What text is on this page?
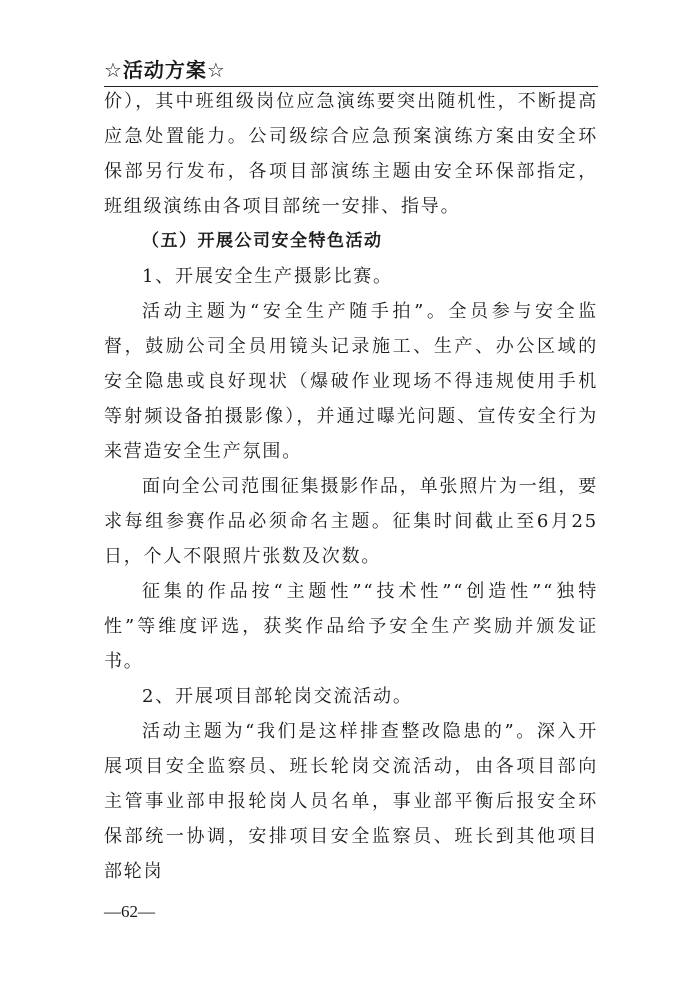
☆活动方案☆

价），其中班组级岗位应急演练要突出随机性，不断提高应急处置能力。公司级综合应急预案演练方案由安全环保部另行发布，各项目部演练主题由安全环保部指定，班组级演练由各项目部统一安排、指导。

（五）开展公司安全特色活动

1、开展安全生产摄影比赛。

活动主题为“安全生产随手拍”。全员参与安全监督，鼓励公司全员用镜头记录施工、生产、办公区域的安全隐患或良好现状（爆破作业现场不得违规使用手机等射频设备拍摄影像），并通过曝光问题、宣传安全行为来营造安全生产氛围。

面向全公司范围征集摄影作品，单张照片为一组，要求每组参赛作品必须命名主题。征集时间截止至6月25日，个人不限照片张数及次数。

征集的作品按“主题性”“技术性”“创造性”“独特性”等维度评选，获奖作品给予安全生产奖励并颁发证书。

2、开展项目部轮岗交流活动。

活动主题为“我们是这样排查整改隐患的”。深入开展项目安全监察员、班长轮岗交流活动，由各项目部向主管事业部申报轮岗人员名单，事业部平衡后报安全环保部统一协调，安排项目安全监察员、班长到其他项目部轮岗

—62—
